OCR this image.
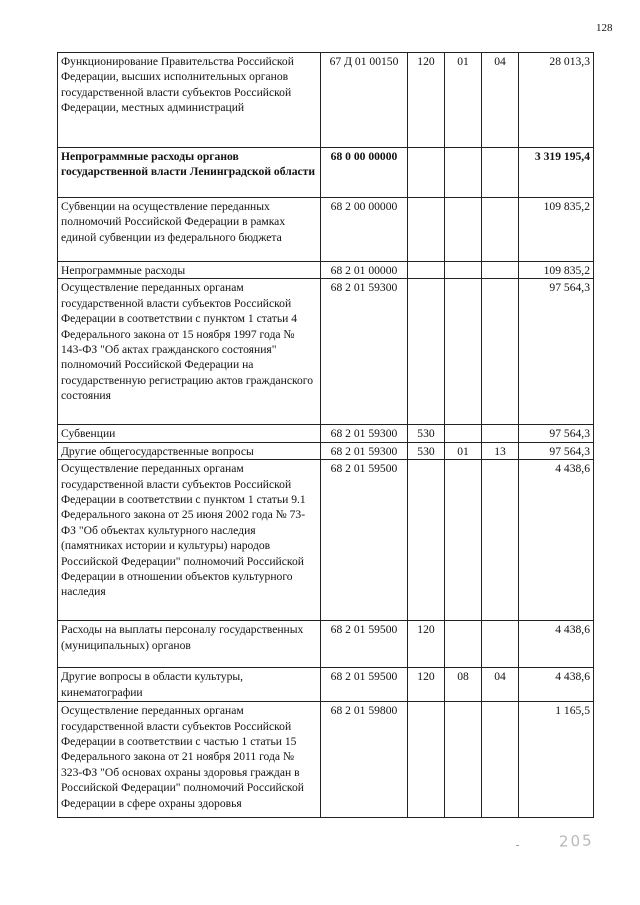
128
Функционирование Правительства Российской Федерации, высших исполнительных органов государственной власти субъектов Российской Федерации, местных администраций	67 Д 01 00150	120	01	04	28 013,3
Непрограммные расходы органов государственной власти Ленинградской области	68 0 00 00000				3 319 195,4
Субвенции на осуществление переданных полномочий Российской Федерации в рамках единой субвенции из федерального бюджета	68 2 00 00000				109 835,2
Непрограммные расходы	68 2 01 00000				109 835,2
Осуществление переданных органам государственной власти субъектов Российской Федерации в соответствии с пунктом 1 статьи 4 Федерального закона от 15 ноября 1997 года № 143-ФЗ "Об актах гражданского состояния" полномочий Российской Федерации на государственную регистрацию актов гражданского состояния	68 2 01 59300				97 564,3
Субвенции	68 2 01 59300	530			97 564,3
Другие общегосударственные вопросы	68 2 01 59300	530	01	13	97 564,3
Осуществление переданных органам государственной власти субъектов Российской Федерации в соответствии с пунктом 1 статьи 9.1 Федерального закона от 25 июня 2002 года № 73-ФЗ "Об объектах культурного наследия (памятниках истории и культуры) народов Российской Федерации" полномочий Российской Федерации в отношении объектов культурного наследия	68 2 01 59500				4 438,6
Расходы на выплаты персоналу государственных (муниципальных) органов	68 2 01 59500	120			4 438,6
Другие вопросы в области культуры, кинематографии	68 2 01 59500	120	08	04	4 438,6
Осуществление переданных органам государственной власти субъектов Российской Федерации в соответствии с частью 1 статьи 15 Федерального закона от 21 ноября 2011 года № 323-ФЗ "Об основах охраны здоровья граждан в Российской Федерации" полномочий Российской Федерации в сфере охраны здоровья	68 2 01 59800				1 165,5
205
